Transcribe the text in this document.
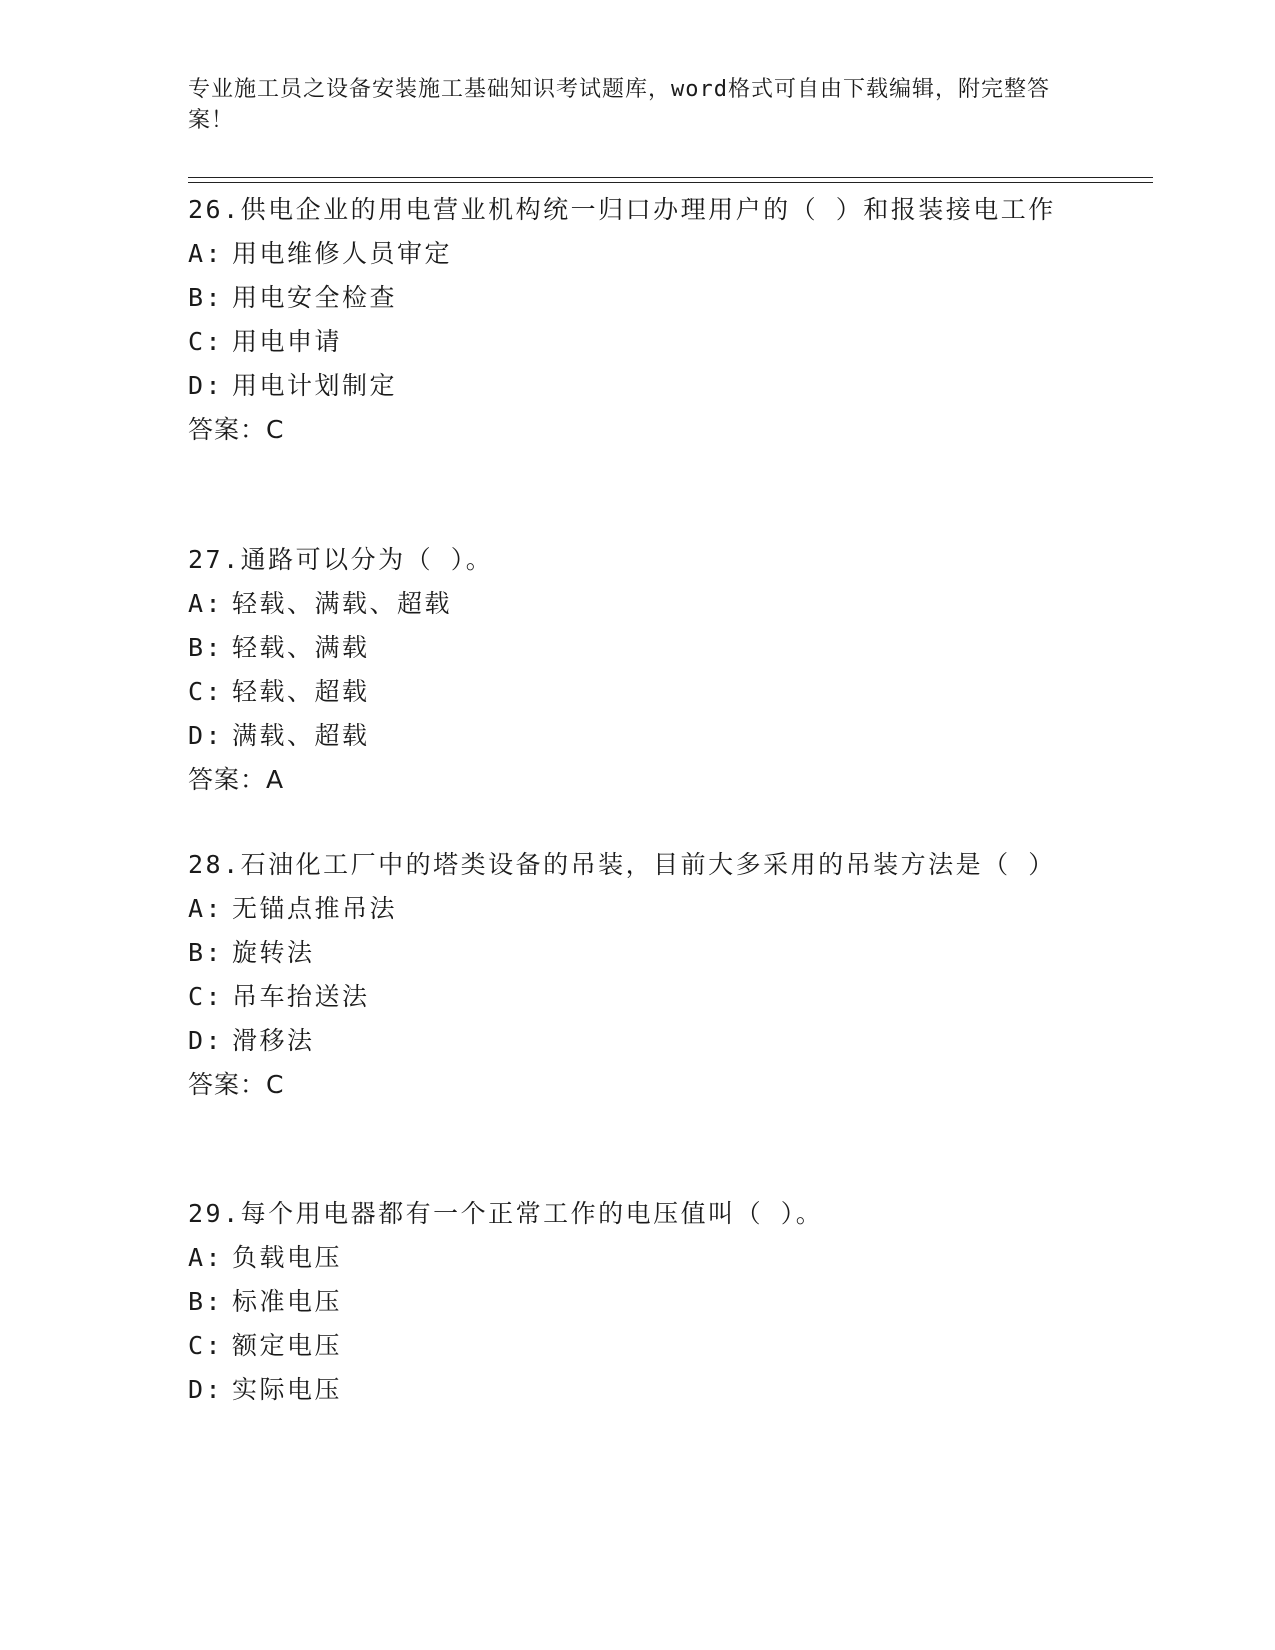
专业施工员之设备安装施工基础知识考试题库，word格式可自由下载编辑，附完整答案！

26.供电企业的用电营业机构统一归口办理用户的（ ）和报装接电工作

A: 用电维修人员审定

B: 用电安全检查

C: 用电申请

D: 用电计划制定

答案：C

27.通路可以分为（ ）。

A: 轻载、满载、超载

B: 轻载、满载

C: 轻载、超载

D: 满载、超载

答案：A

28.石油化工厂中的塔类设备的吊装，目前大多采用的吊装方法是（ ）

A: 无锚点推吊法

B: 旋转法

C: 吊车抬送法

D: 滑移法

答案：C

29.每个用电器都有一个正常工作的电压值叫（ ）。

A: 负载电压

B: 标准电压

C: 额定电压

D: 实际电压
